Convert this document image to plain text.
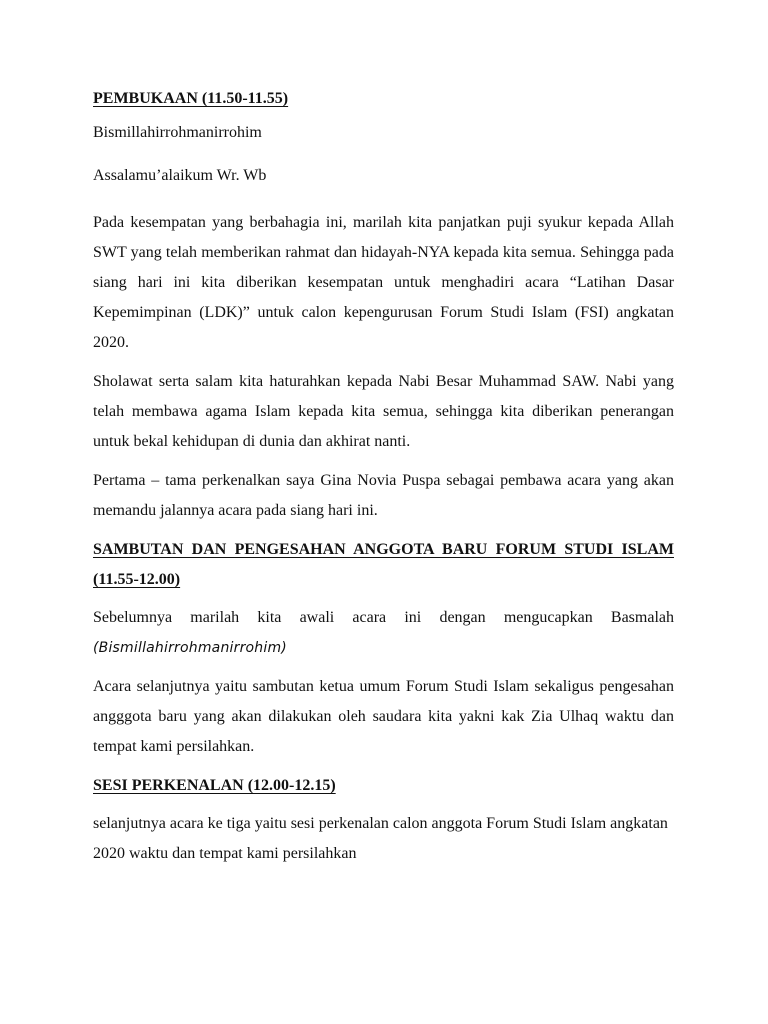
PEMBUKAAN (11.50-11.55)
Bismillahirrohmanirrohim
Assalamu’alaikum Wr. Wb

Pada kesempatan yang berbahagia ini, marilah kita panjatkan puji syukur kepada Allah SWT yang telah memberikan rahmat dan hidayah-NYA kepada kita semua. Sehingga pada siang hari ini kita diberikan kesempatan untuk menghadiri acara “Latihan Dasar Kepemimpinan (LDK)” untuk calon kepengurusan Forum Studi Islam (FSI) angkatan 2020.

Sholawat serta salam kita haturahkan kepada Nabi Besar Muhammad SAW. Nabi yang telah membawa agama Islam kepada kita semua, sehingga kita diberikan penerangan untuk bekal kehidupan di dunia dan akhirat nanti.

Pertama – tama perkenalkan saya Gina Novia Puspa sebagai pembawa acara yang akan memandu jalannya acara pada siang hari ini.

SAMBUTAN DAN PENGESAHAN ANGGOTA BARU FORUM STUDI ISLAM (11.55-12.00)

Sebelumnya marilah kita awali acara ini dengan mengucapkan Basmalah (Bismillahirrohmanirrohim)

Acara selanjutnya yaitu sambutan ketua umum Forum Studi Islam sekaligus pengesahan angggota baru yang akan dilakukan oleh saudara kita yakni kak Zia Ulhaq waktu dan tempat kami persilahkan.

SESI PERKENALAN (12.00-12.15)

selanjutnya acara ke tiga yaitu sesi perkenalan calon anggota Forum Studi Islam angkatan 2020 waktu dan tempat kami persilahkan
